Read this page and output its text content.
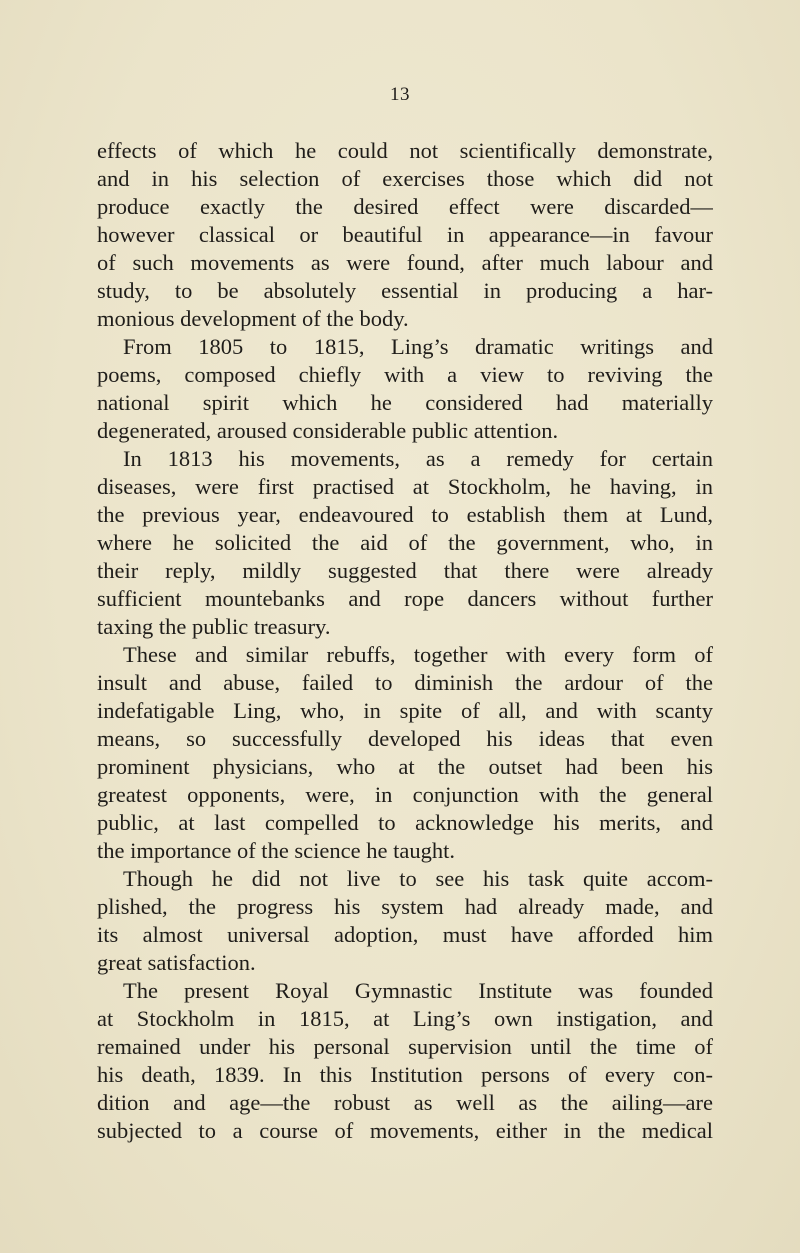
13
effects of which he could not scientifically demonstrate,
and in his selection of exercises those which did not
produce exactly the desired effect were discarded—
however classical or beautiful in appearance—in favour
of such movements as were found, after much labour and
study, to be absolutely essential in producing a har-
monious development of the body.
From 1805 to 1815, Ling’s dramatic writings and
poems, composed chiefly with a view to reviving the
national spirit which he considered had materially
degenerated, aroused considerable public attention.
In 1813 his movements, as a remedy for certain
diseases, were first practised at Stockholm, he having, in
the previous year, endeavoured to establish them at Lund,
where he solicited the aid of the government, who, in
their reply, mildly suggested that there were already
sufficient mountebanks and rope dancers without further
taxing the public treasury.
These and similar rebuffs, together with every form of
insult and abuse, failed to diminish the ardour of the
indefatigable Ling, who, in spite of all, and with scanty
means, so successfully developed his ideas that even
prominent physicians, who at the outset had been his
greatest opponents, were, in conjunction with the general
public, at last compelled to acknowledge his merits, and
the importance of the science he taught.
Though he did not live to see his task quite accom-
plished, the progress his system had already made, and
its almost universal adoption, must have afforded him
great satisfaction.
The present Royal Gymnastic Institute was founded
at Stockholm in 1815, at Ling’s own instigation, and
remained under his personal supervision until the time of
his death, 1839. In this Institution persons of every con-
dition and age—the robust as well as the ailing—are
subjected to a course of movements, either in the medical
